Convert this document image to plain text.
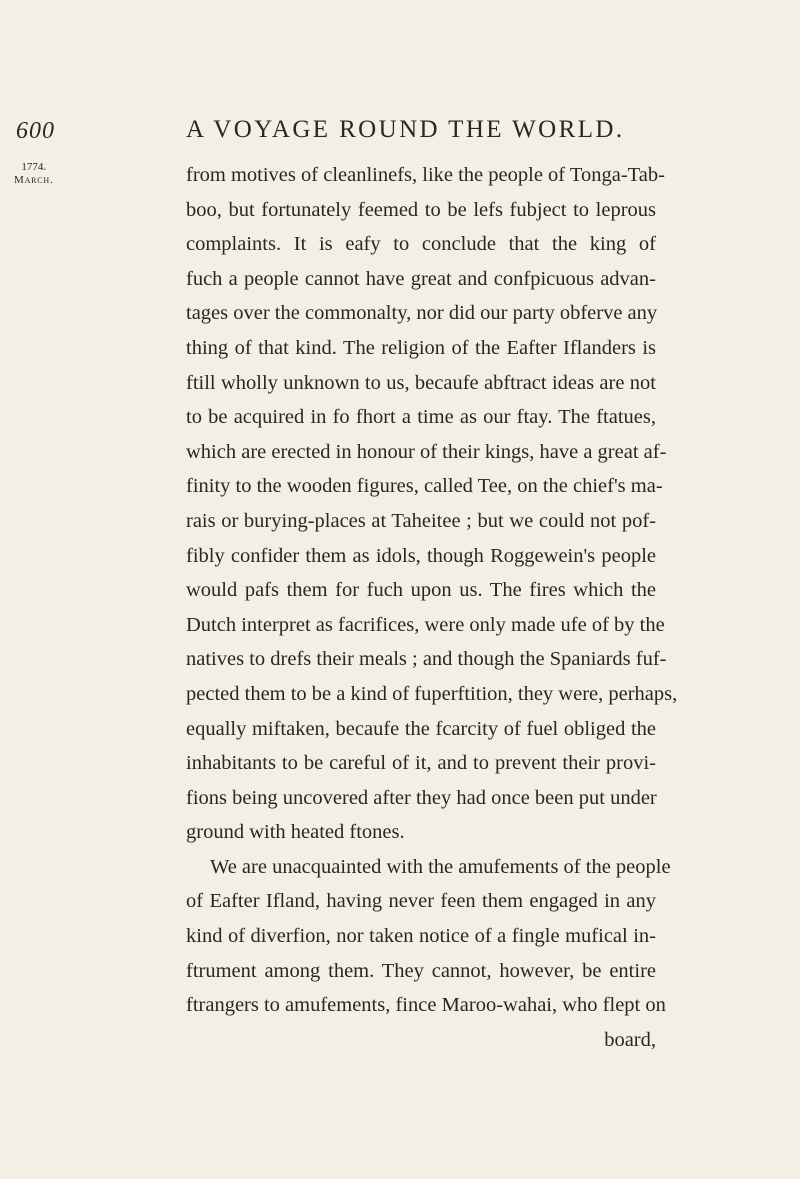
600	A VOYAGE ROUND THE WORLD.
1774.
March.	from motives of cleanlinefs, like the people of Tonga-Tab-
boo, but fortunately feemed to be lefs fubject to leprous
complaints. It is eafy to conclude that the king of
fuch a people cannot have great and confpicuous advan-
tages over the commonalty, nor did our party obferve any
thing of that kind. The religion of the Eafter Iflanders is
ftill wholly unknown to us, becaufe abftract ideas are not
to be acquired in fo fhort a time as our ftay. The ftatues,
which are erected in honour of their kings, have a great af-
finity to the wooden figures, called Tee, on the chief's ma-
rais or burying-places at Taheitee ; but we could not pof-
fibly confider them as idols, though Roggewein's people
would pafs them for fuch upon us. The fires which the
Dutch interpret as facrifices, were only made ufe of by the
natives to drefs their meals ; and though the Spaniards fuf-
pected them to be a kind of fuperftition, they were, perhaps,
equally miftaken, becaufe the fcarcity of fuel obliged the
inhabitants to be careful of it, and to prevent their provi-
fions being uncovered after they had once been put under
ground with heated ftones.
We are unacquainted with the amufements of the people
of Eafter Ifland, having never feen them engaged in any
kind of diverfion, nor taken notice of a fingle mufical in-
ftrument among them. They cannot, however, be entire
ftrangers to amufements, fince Maroo-wahai, who flept on
board,
